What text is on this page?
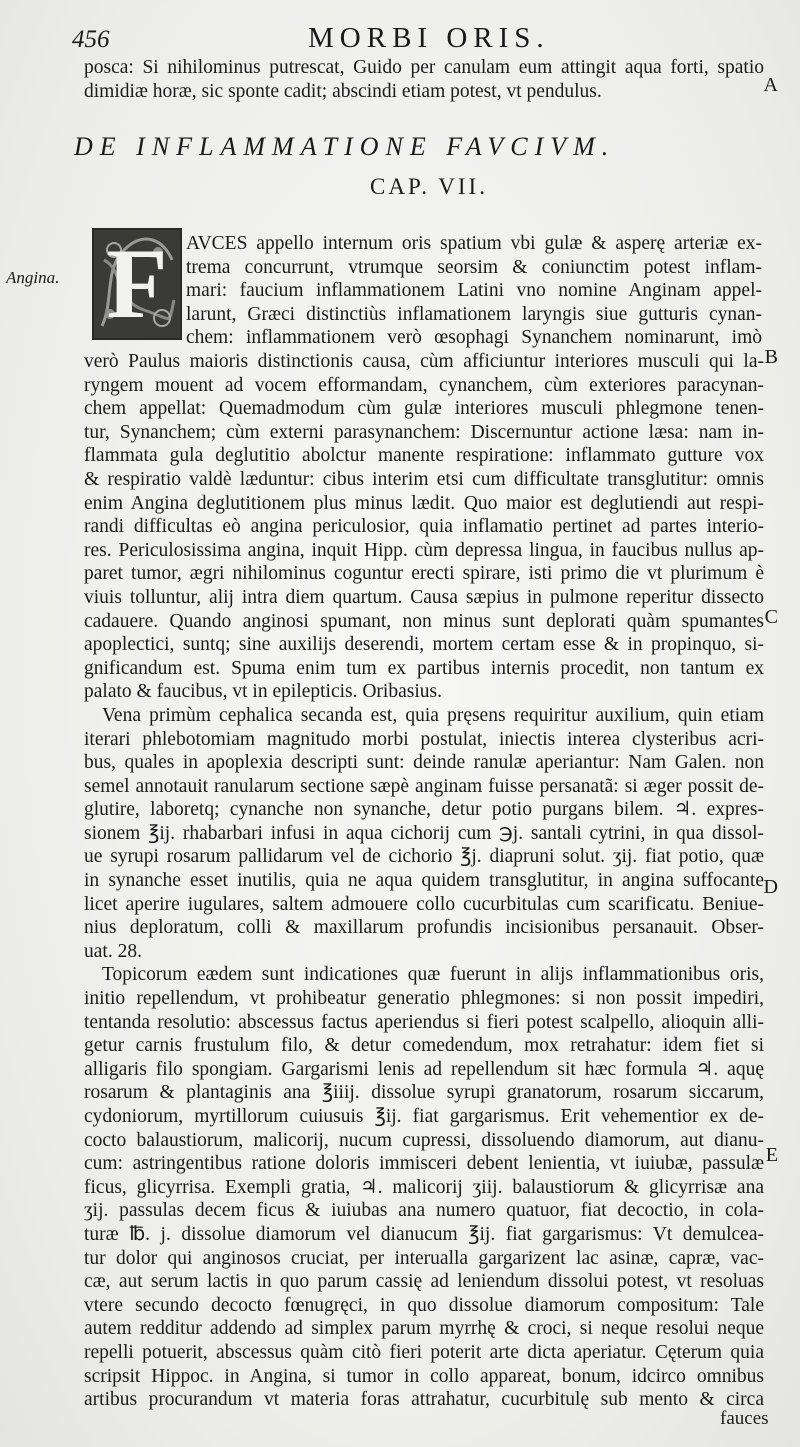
456	MORBI ORIS.
posca: Si nihilominus putrescat, Guido per canulam eum attingit aqua forti, spatio
dimidiæ horæ, sic sponte cadit; abscindi etiam potest, vt pendulus.
DE INFLAMMATIONE FAVCIVM.
CAP. VII.
Angina. F AVCES appello internum oris spatium vbi gulæ & asperę arteriæ ex-
trema concurrunt, vtrumque seorsim & coniunctim potest inflam-
mari: faucium inflammationem Latini vno nomine Anginam appel-
larunt, Græci distinctiùs inflamationem laryngis siue gutturis cynan-
chem: inflammationem verò œsophagi Synanchem nominarunt, imò
verò Paulus maioris distinctionis causa, cùm afficiuntur interiores musculi qui la-
ryngem mouent ad vocem efformandam, cynanchem, cùm exteriores paracynan-
chem appellat: Quemadmodum cùm gulæ interiores musculi phlegmone tenen-
tur, Synanchem; cùm externi parasynanchem: Discernuntur actione læsa: nam in-
flammata gula deglutitio abolctur manente respiratione: inflammato gutture vox
& respiratio valdè læduntur: cibus interim etsi cum difficultate transglutitur: omnis
enim Angina deglutitionem plus minus lædit. Quo maior est deglutiendi aut respi-
randi difficultas eò angina periculosior, quia inflamatio pertinet ad partes interio-
res. Periculosissima angina, inquit Hipp. cùm depressa lingua, in faucibus nullus ap-
paret tumor, ægri nihilominus coguntur erecti spirare, isti primo die vt plurimum è
viuis tolluntur, alij intra diem quartum. Causa sæpius in pulmone reperitur dissecto
cadauere. Quando anginosi spumant, non minus sunt deplorati quàm spumantes
apoplectici, suntq; sine auxilijs deserendi, mortem certam esse & in propinquo, si-
gnificandum est. Spuma enim tum ex partibus internis procedit, non tantum ex
palato & faucibus, vt in epilepticis. Oribasius.
Vena primùm cephalica secanda est, quia pręsens requiritur auxilium, quin etiam
iterari phlebotomiam magnitudo morbi postulat, iniectis interea clysteribus acri-
bus, quales in apoplexia descripti sunt: deinde ranulæ aperiantur: Nam Galen. non
semel annotauit ranularum sectione sæpè anginam fuisse persanatã: si æger possit de-
glutire, laboretq; cynanche non synanche, detur potio purgans bilem. ♃. expres-
sionem ℥ij. rhabarbari infusi in aqua cichorij cum ℈j. santali cytrini, in qua dissol-
ue syrupi rosarum pallidarum vel de cichorio ℥j. diapruni solut. ʒij. fiat potio, quæ
in synanche esset inutilis, quia ne aqua quidem transglutitur, in angina suffocante
licet aperire iugulares, saltem admouere collo cucurbitulas cum scarificatu. Beniue-
nius deploratum, colli & maxillarum profundis incisionibus persanauit. Obser-
uat. 28.
Topicorum eædem sunt indicationes quæ fuerunt in alijs inflammationibus oris,
initio repellendum, vt prohibeatur generatio phlegmones: si non possit impediri,
tentanda resolutio: abscessus factus aperiendus si fieri potest scalpello, alioquin alli-
getur carnis frustulum filo, & detur comedendum, mox retrahatur: idem fiet si
alligaris filo spongiam. Gargarismi lenis ad repellendum sit hæc formula ♃. aquę
rosarum & plantaginis ana ℥iiij. dissolue syrupi granatorum, rosarum siccarum,
cydoniorum, myrtillorum cuiusuis ℥ij. fiat gargarismus. Erit vehementior ex de-
cocto balaustiorum, malicorij, nucum cupressi, dissoluendo diamorum, aut dianu-
cum: astringentibus ratione doloris immisceri debent lenientia, vt iuiubæ, passulæ
ficus, glicyrrisa. Exempli gratia, ♃. malicorij ʒiij. balaustiorum & glicyrrisæ ana
ʒij. passulas decem ficus & iuiubas ana numero quatuor, fiat decoctio, in cola-
turæ ℔. j. dissolue diamorum vel dianucum ℥ij. fiat gargarismus: Vt demulcea-
tur dolor qui anginosos cruciat, per interualla gargarizent lac asinæ, capræ, vac-
cæ, aut serum lactis in quo parum cassię ad leniendum dissolui potest, vt resoluas
vtere secundo decocto fœnugręci, in quo dissolue diamorum compositum: Tale
autem redditur addendo ad simplex parum myrrhę & croci, si neque resolui neque
repelli potuerit, abscessus quàm citò fieri poterit arte dicta aperiatur. Cęterum quia
scripsit Hippoc. in Angina, si tumor in collo appareat, bonum, idcirco omnibus
artibus procurandum vt materia foras attrahatur, cucurbitulę sub mento & circa
fauces
A
B
C
D
E
